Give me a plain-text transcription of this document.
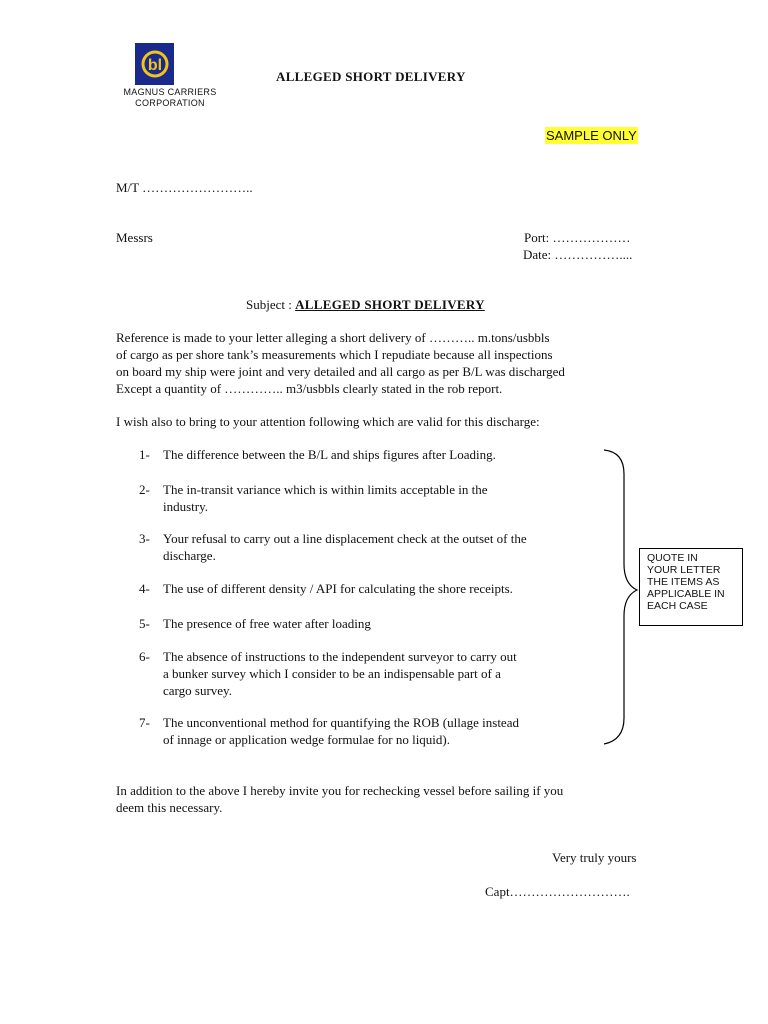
bl
MAGNUS CARRIERS
CORPORATION
ALLEGED SHORT DELIVERY
SAMPLE ONLY
M/T ……………………..
Messrs	Port: ………………
Date: ……………....
Subject : ALLEGED SHORT DELIVERY
Reference is made to your letter alleging a short delivery of ……….. m.tons/usbbls
of cargo as per shore tank’s measurements which I repudiate because all inspections
on board my ship were joint and very detailed and all cargo as per B/L was discharged
Except a quantity of ………….. m3/usbbls clearly stated in the rob report.
I wish also to bring to your attention following which are valid for this discharge:
1- The difference between the B/L and ships figures after Loading.
2- The in-transit variance which is within limits acceptable in the
industry.
3- Your refusal to carry out a line displacement check at the outset of the
discharge.
4- The use of different density / API for calculating the shore receipts.
5- The presence of free water after loading
6- The absence of instructions to the independent surveyor to carry out
a bunker survey which I consider to be an indispensable part of a
cargo survey.
7- The unconventional method for quantifying the ROB (ullage instead
of innage or application wedge formulae for no liquid).
QUOTE IN
YOUR LETTER
THE ITEMS AS
APPLICABLE IN
EACH CASE
In addition to the above I hereby invite you for rechecking vessel before sailing if you
deem this necessary.
Very truly yours
Capt……………………….
